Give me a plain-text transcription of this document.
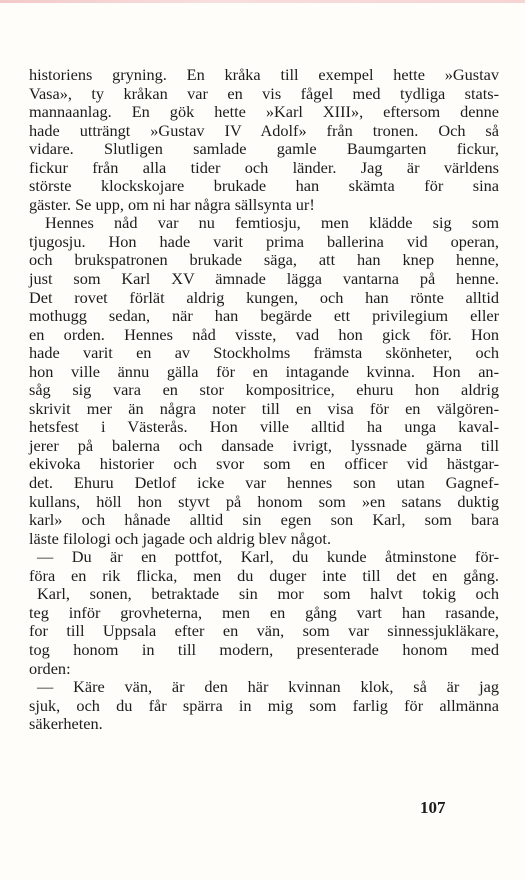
historiens gryning. En kråka till exempel hette »Gustav
Vasa», ty kråkan var en vis fågel med tydliga stats-
mannaanlag. En gök hette »Karl XIII», eftersom denne
hade utträngt »Gustav IV Adolf» från tronen. Och så
vidare. Slutligen samlade gamle Baumgarten fickur,
fickur från alla tider och länder. Jag är världens
störste klockskojare brukade han skämta för sina
gäster. Se upp, om ni har några sällsynta ur!
Hennes nåd var nu femtiosju, men klädde sig som
tjugosju. Hon hade varit prima ballerina vid operan,
och brukspatronen brukade säga, att han knep henne,
just som Karl XV ämnade lägga vantarna på henne.
Det rovet förlät aldrig kungen, och han rönte alltid
mothugg sedan, när han begärde ett privilegium eller
en orden. Hennes nåd visste, vad hon gick för. Hon
hade varit en av Stockholms främsta skönheter, och
hon ville ännu gälla för en intagande kvinna. Hon an-
såg sig vara en stor kompositrice, ehuru hon aldrig
skrivit mer än några noter till en visa för en välgören-
hetsfest i Västerås. Hon ville alltid ha unga kaval-
jerer på balerna och dansade ivrigt, lyssnade gärna till
ekivoka historier och svor som en officer vid hästgar-
det. Ehuru Detlof icke var hennes son utan Gagnef-
kullans, höll hon styvt på honom som »en satans duktig
karl» och hånade alltid sin egen son Karl, som bara
läste filologi och jagade och aldrig blev något.
— Du är en pottfot, Karl, du kunde åtminstone för-
föra en rik flicka, men du duger inte till det en gång.
Karl, sonen, betraktade sin mor som halvt tokig och
teg inför grovheterna, men en gång vart han rasande,
for till Uppsala efter en vän, som var sinnessjukläkare,
tog honom in till modern, presenterade honom med
orden:
— Käre vän, är den här kvinnan klok, så är jag
sjuk, och du får spärra in mig som farlig för allmänna
säkerheten.
107
